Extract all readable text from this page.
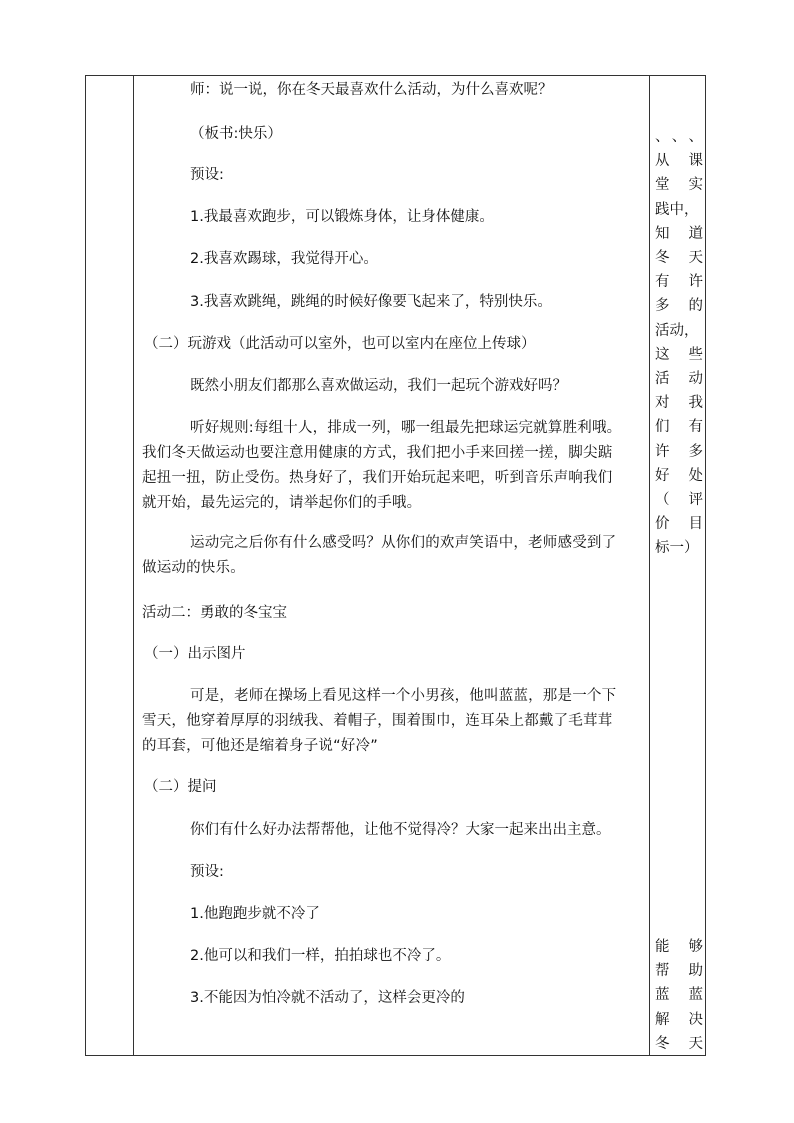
师：说一说，你在冬天最喜欢什么活动，为什么喜欢呢？
（板书:快乐）
预设:
1.我最喜欢跑步，可以锻炼身体，让身体健康。
2.我喜欢踢球，我觉得开心。
3.我喜欢跳绳，跳绳的时候好像要飞起来了，特别快乐。
（二）玩游戏（此活动可以室外，也可以室内在座位上传球）
既然小朋友们都那么喜欢做运动，我们一起玩个游戏好吗？
听好规则:每组十人，排成一列，哪一组最先把球运完就算胜利哦。我们冬天做运动也要注意用健康的方式，我们把小手来回搓一搓，脚尖踮起扭一扭，防止受伤。热身好了，我们开始玩起来吧，听到音乐声响我们就开始，最先运完的，请举起你们的手哦。
运动完之后你有什么感受吗？从你们的欢声笑语中，老师感受到了做运动的快乐。
活动二：勇敢的冬宝宝
（一）出示图片
可是，老师在操场上看见这样一个小男孩，他叫蓝蓝，那是一个下雪天，他穿着厚厚的羽绒我、着帽子，围着围巾，连耳朵上都戴了毛茸茸的耳套，可他还是缩着身子说“好冷”
（二）提问
你们有什么好办法帮帮他，让他不觉得冷？大家一起来出出主意。
预设:
1.他跑跑步就不冷了
2.他可以和我们一样，拍拍球也不冷了。
3.不能因为怕冷就不活动了，这样会更冷的
、 、 、
从 课
堂 实
践中，
知 道
冬 天
有 许
多 的
活动，
这 些
活 动
对 我
们 有
许 多
好 处
（ 评
价 目
标一）
能 够
帮 助
蓝 蓝
解 决
冬 天
